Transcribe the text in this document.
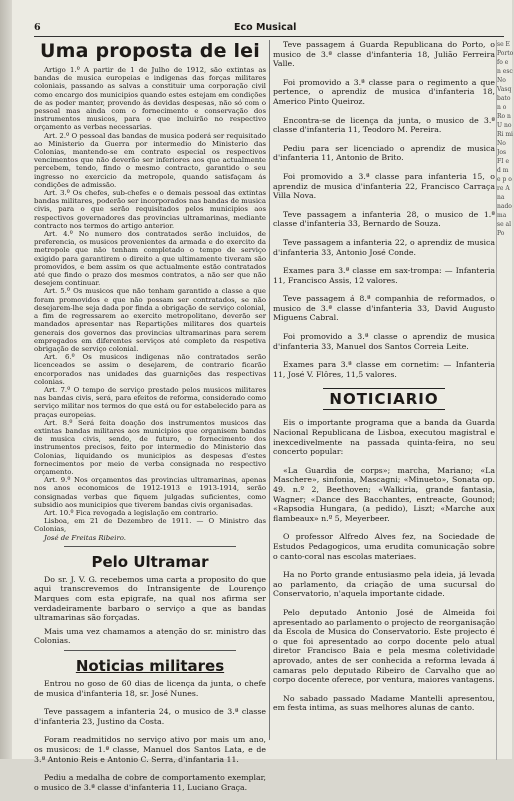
6	Eco Musical
Uma proposta de lei

Artigo 1.º A partir de 1 de Julho de 1912, são extintas as bandas de musica europeias e indigenas das forças militares coloniais, passando as salvas a constituir uma corporação civil como encargo dos municipios quando estes estejam em condições de as poder manter, provendo ás devidas despesas, não só com o pessoal mas ainda com o fornecimento e conservação dos instrumentos musicos, para o que incluirão no respectivo orçamento as verbas necessarias.

Art. 2.º O pessoal das bandas de musica poderá ser requisitado ao Ministerio da Guerra por intermedio do Ministerio das Colonias, mantendo-se em contrato especial os respectivos vencimentos que não deverão ser inferiores aos que actualmente percebem, tendo, findo o mesmo contracto, garantido o seu ingresso no exercicio da metropole, quando satisfaçam ás condições de admissão.

Art. 3.º Os chefes, sub-chefes e o demais pessoal das extintas bandas militares, poderão ser incorporados nas bandas de musica civis, para o que serão requisitados pelos municipios aos respectivos governadores das provincias ultramarinas, mediante contracto nos termos do artigo anterior.

Art. 4.º No numero dos contratados serão incluidos, de preferencia, os musicos provenientes da armada e do exercito da metropole que não tenham completado o tempo de serviço exigido para garantirem o direito a que ultimamente tiveram são promovidos, e bem assim os que actualmente estão contratados até que findo o prazo dos mesmos contratos, a não ser que não desejem continuar.

Art. 5.º Os musicos que não tenham garantido a classe a que foram promovidos e que não possam ser contratados, se não desejarem-lhe seja dada por finda a obrigação de serviço colonial, a fim de regressarem ao exercito metropolitano, deverão ser mandados apresentar nas Repartições militares dos quarteis generais dos governos das provincias ultramarinas para serem empregados em diferentes serviços até completo da respetiva obrigação de serviço colonial.

Art. 6.º Os musicos indigenas não contratados serão licenceados se assim o desejarem, de contrario ficarão encorporados nas unidades das guarnições das respectivas colonias.

Art. 7.º O tempo de serviço prestado pelos musicos militares nas bandas civis, será, para efeitos de reforma, considerado como serviço militar nos termos do que está ou for estabelecido para as praças europeias.

Art. 8.º Será feita doação dos instrumentos musicos das extintas bandas militares aos municipios que organisem bandas de musica civis, sendo, de futuro, o fornecimento dos instrumentos precisos, feito por intermedio do Ministerio das Colonias, liquidando os municipios as despesas d'estes fornecimentos por meio de verba consignada no respectivo orçamento.

Art. 9.º Nos orçamentos das provincias ultramarinas, apenas nos anos economicos de 1912-1913 e 1913-1914, serão consignadas verbas que fiquem julgadas suficientes, como subsidio aos municipios que tiverem bandas civis organisadas.

Art. 10.º Fica revogada a legislação em contrario.

Lisboa, em 21 de Dezembro de 1911. — O Ministro das Colonias,

José de Freitas Ribeiro.

Pelo Ultramar

Do sr. J. V. G. recebemos uma carta a proposito do que aqui transcrevemos do Intransigente de Lourenço Marques com esta epigrafe, na qual nos afirma ser verdadeiramente barbaro o serviço a que as bandas ultramarinas são forçadas.

Mais uma vez chamamos a atenção do sr. ministro das Colonias.

Noticias militares

Entrou no goso de 60 dias de licença da junta, o chefe de musica d'infanteria 18, sr. José Nunes.

Teve passagem a infanteria 24, o musico de 3.ª classe d'infanteria 23, Justino da Costa.

Foram readmitidos no serviço ativo por mais um ano, os musicos: de 1.ª classe, Manuel dos Santos Lata, e de 3.ª Antonio Reis e Antonio C. Serra, d'infantaria 11.

Pediu a medalha de cobre de comportamento exemplar, o musico de 3.ª classe d'infanteria 11, Luciano Graça.

Teve passagem á Guarda Republicana do Porto, o musico de 3.ª classe d'infanteria 18, Julião Ferreira Valle.

Foi promovido a 3.ª classe para o regimento a que pertence, o aprendiz de musica d'infanteria 18, Americo Pinto Queiroz.

Encontra-se de licença da junta, o musico de 3.ª classe d'infanteria 11, Teodoro M. Pereira.

Pediu para ser licenciado o aprendiz de musica d'infanteria 11, Antonio de Brito.

Foi promovido a 3.ª classe para infanteria 15, o aprendiz de musica d'infanteria 22, Francisco Carraça Villa Nova.

Teve passagem a infanteria 28, o musico de 1.ª classe d'infanteria 33, Bernardo de Souza.

Teve passagem a infanteria 22, o aprendiz de musica d'infanteria 33, Antonio José Conde.

Exames para 3.ª classe em sax-trompa: — Infanteria 11, Francisco Assis, 12 valores.

Teve passagem á 8.ª companhia de reformados, o musico de 3.ª classe d'infanteria 33, David Augusto Miguens Cabral.

Foi promovido a 3.ª classe o aprendiz de musica d'infanteria 33, Manuel dos Santos Correia Leite.

Exames para 3.ª classe em cornetim: — Infanteria 11, José V. Flôres, 11,5 valores.

NOTICIARIO

Eis o importante programa que a banda da Guarda Nacional Republicana de Lisboa, executou magistral e inexcedivelmente na passada quinta-feira, no seu concerto popular:

«La Guardia de corps»; marcha, Mariano; «La Maschere», sinfonia, Mascagni; «Minueto», Sonata op. 49. n.º 2, Beethoven; «Walkiria, grande fantasia, Wagner; «Dance des Bacchantes, entreacte, Gounod; «Rapsodia Hungara, (a pedido), Liszt; «Marche aux flambeaux» n.º 5, Meyerbeer.

O professor Alfredo Alves fez, na Sociedade de Estudos Pedagogicos, uma erudita comunicação sobre o canto-coral nas escolas materiaes.

Ha no Porto grande entusiasmo pela ideia, já levada ao parlamento, da criação de uma sucursal do Conservatorio, n'aquela importante cidade.

Pelo deputado Antonio José de Almeida foi apresentado ao parlamento o projecto de reorganisação da Escola de Musica do Conservatorio. Este projecto é o que foi apresentado ao corpo docente pelo atual diretor Francisco Baia e pela mesma coletividade aprovado, antes de ser conhecida a reforma levada á camaras pelo deputado Ribeiro de Carvalho que ao corpo docente oferece, por ventura, maiores vantagens.

No sabado passado Madame Mantelli apresentou, em festa intima, as suas melhores alunas de canto.

se E Porto fo e n esc No Vasq bato n o Ro n U no Ri mi No Jos FI e d m e p o re A na nado ma se al Po
